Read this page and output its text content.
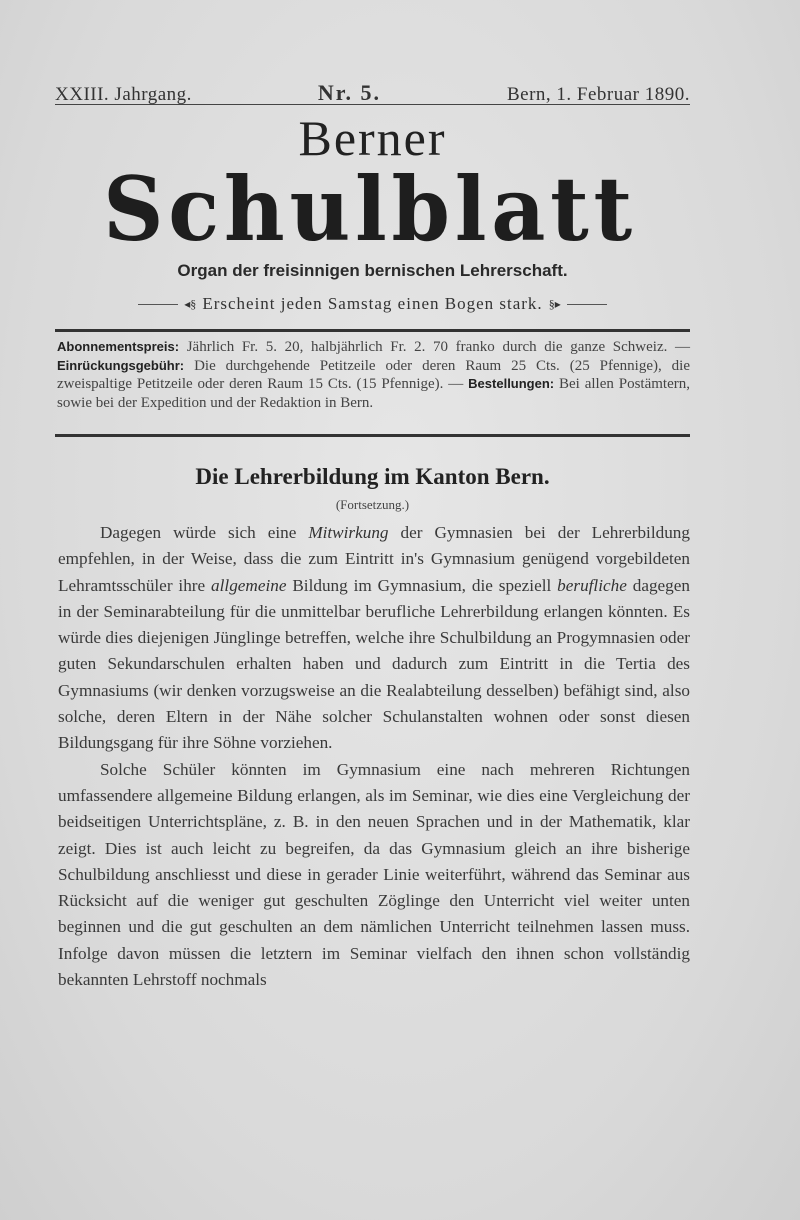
XXIII. Jahrgang.	Nr. 5.	Bern, 1. Februar 1890.
Berner
Schulblatt
Organ der freisinnigen bernischen Lehrerschaft.
◂§ Erscheint jeden Samstag einen Bogen stark. §▸
Abonnementspreis: Jährlich Fr. 5. 20, halbjährlich Fr. 2. 70 franko durch die ganze Schweiz. — Einrückungsgebühr: Die durchgehende Petitzeile oder deren Raum 25 Cts. (25 Pfennige), die zweispaltige Petitzeile oder deren Raum 15 Cts. (15 Pfennige). — Bestellungen: Bei allen Postämtern, sowie bei der Expedition und der Redaktion in Bern.
Die Lehrerbildung im Kanton Bern.
(Fortsetzung.)

Dagegen würde sich eine Mitwirkung der Gymnasien bei der Lehrerbildung empfehlen, in der Weise, dass die zum Eintritt in's Gymnasium genügend vorgebildeten Lehramtsschüler ihre allgemeine Bildung im Gymnasium, die speziell berufliche dagegen in der Seminarabteilung für die unmittelbar berufliche Lehrerbildung erlangen könnten. Es würde dies diejenigen Jünglinge betreffen, welche ihre Schulbildung an Progymnasien oder guten Sekundarschulen erhalten haben und dadurch zum Eintritt in die Tertia des Gymnasiums (wir denken vorzugsweise an die Realabteilung desselben) befähigt sind, also solche, deren Eltern in der Nähe solcher Schulanstalten wohnen oder sonst diesen Bildungsgang für ihre Söhne vorziehen.

Solche Schüler könnten im Gymnasium eine nach mehreren Richtungen umfassendere allgemeine Bildung erlangen, als im Seminar, wie dies eine Vergleichung der beidseitigen Unterrichtspläne, z. B. in den neuen Sprachen und in der Mathematik, klar zeigt. Dies ist auch leicht zu begreifen, da das Gymnasium gleich an ihre bisherige Schulbildung anschliesst und diese in gerader Linie weiterführt, während das Seminar aus Rücksicht auf die weniger gut geschulten Zöglinge den Unterricht viel weiter unten beginnen und die gut geschulten an dem nämlichen Unterricht teilnehmen lassen muss. Infolge davon müssen die letztern im Seminar vielfach den ihnen schon vollständig bekannten Lehrstoff nochmals
